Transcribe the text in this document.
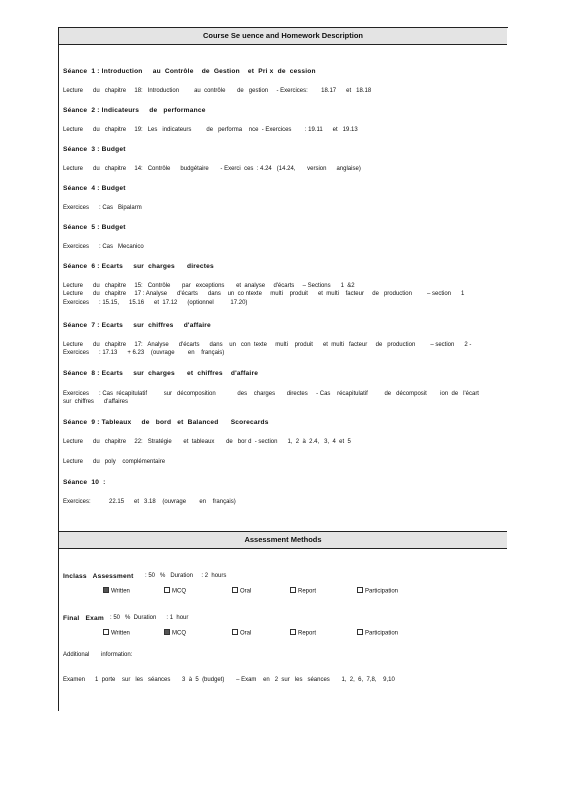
Course Se uence and Homework Description
Séance  1 : Introduction     au  Contrôle    de  Gestion    et  Pri x  de  cession
Lecture      du   chapitre     18:   Introduction         au  contrôle       de   gestion     - Exercices:        18.17      et   18.18
Séance  2 : Indicateurs     de   performance
Lecture      du   chapitre     19:   Les   indicateurs         de   performa    nce  - Exercices        : 19.11      et   19.13
Séance  3 : Budget
Lecture      du   chapitre     14:   Contrôle      budgétaire       - Exerci  ces  : 4.24   (14.24,       version      anglaise)
Séance  4 : Budget
Exercices      : Cas   Bipalarm
Séance  5 : Budget
Exercices      : Cas   Mecanico
Séance  6 : Ecarts     sur  charges      directes
Lecture      du   chapitre     15:   Contrôle       par   exceptions       et  analyse     d'écarts     – Sections      1  &2
Lecture      du   chapitre     17 : Analyse      d'écarts      dans    un  co ntexte     multi    produit      et  multi    facteur     de   production         – section      1
Exercices      : 15.15,      15.16      et  17.12      (optionnel          17.20)
Séance  7 : Ecarts     sur  chiffres     d'affaire
Lecture      du   chapitre     17:   Analyse      d'écarts      dans    un   con  texte     multi    produit      et  multi   facteur     de   production         – section      2 -
Exercices      : 17.13      + 6.23    (ouvrage        en    français)
Séance  8 : Ecarts     sur  charges      et  chiffres    d'affaire
Exercices      : Cas  récapitulatif          sur   décomposition             des    charges       directes     - Cas    récapitulatif          de   décomposit        ion  de   l'écart
sur  chiffres      d'affaires
Séance  9 : Tableaux     de   bord   et  Balanced      Scorecards
Lecture      du   chapitre     22:   Stratégie       et  tableaux       de   bor d  - section      1,  2  à  2.4,   3,  4  et  5
Lecture      du   poly    complémentaire
Séance  10  :
Exercices:           22.15      et   3.18    (ouvrage        en    français)
Assessment Methods
Inclass   Assessment : 50   %   Duration     : 2  hours
Written	MCQ	Oral	Report	Participation
Final   Exam : 50   %  Duration      : 1  hour
Written	MCQ	Oral	Report	Participation
Additional       information:
Examen      1  porte    sur   les   séances       3  à  5  (budget)       – Exam    en   2  sur   les   séances       1,  2,  6,  7,8,    9,10
